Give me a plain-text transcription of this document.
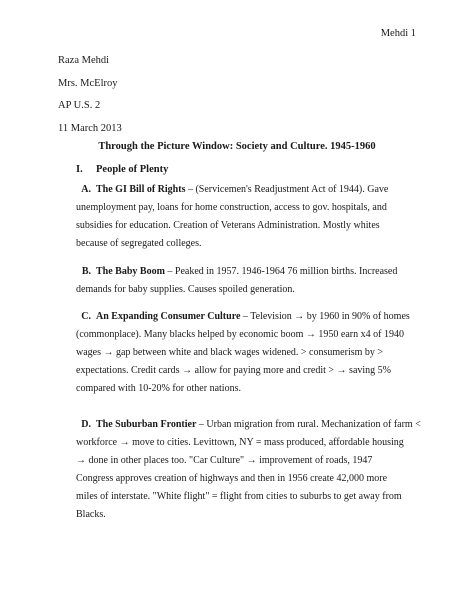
Mehdi 1
Raza Mehdi
Mrs. McElroy
AP U.S. 2
11 March 2013
Through the Picture Window: Society and Culture. 1945-1960
I. People of Plenty
A. The GI Bill of Rights – (Servicemen's Readjustment Act of 1944). Gave
unemployment pay, loans for home construction, access to gov. hospitals, and
subsidies for education. Creation of Veterans Administration. Mostly whites
because of segregated colleges.
B. The Baby Boom – Peaked in 1957. 1946-1964 76 million births. Increased
demands for baby supplies. Causes spoiled generation.
C. An Expanding Consumer Culture – Television → by 1960 in 90% of homes
(commonplace). Many blacks helped by economic boom → 1950 earn x4 of 1940
wages → gap between white and black wages widened. > consumerism by >
expectations. Credit cards → allow for paying more and credit > → saving 5%
compared with 10-20% for other nations.
D. The Suburban Frontier – Urban migration from rural. Mechanization of farm <
workforce → move to cities. Levittown, NY = mass produced, affordable housing
→ done in other places too. "Car Culture" → improvement of roads, 1947
Congress approves creation of highways and then in 1956 create 42,000 more
miles of interstate. "White flight" = flight from cities to suburbs to get away from
Blacks.
